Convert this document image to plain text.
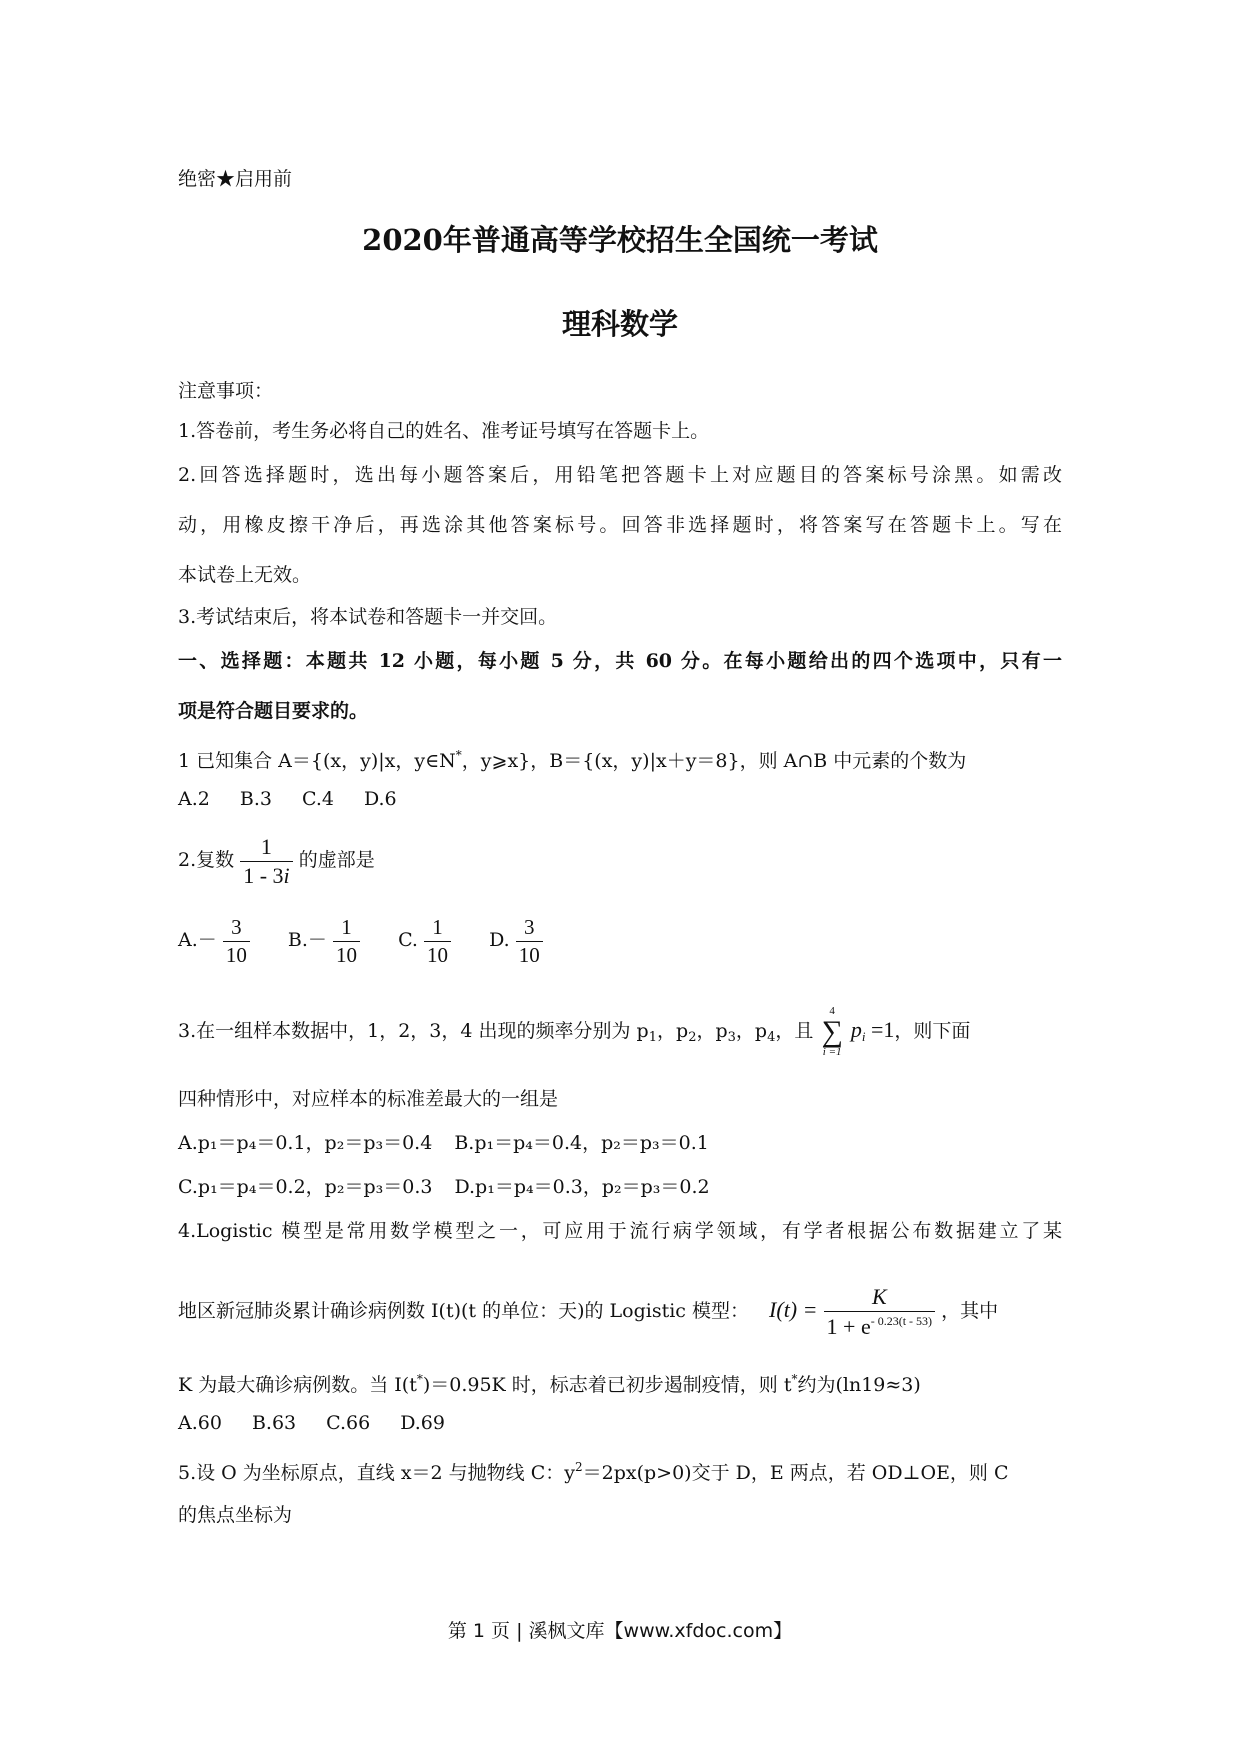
绝密★启用前
2020年普通高等学校招生全国统一考试
理科数学
注意事项：
1.答卷前，考生务必将自己的姓名、准考证号填写在答题卡上。
2.回答选择题时，选出每小题答案后，用铅笔把答题卡上对应题目的答案标号涂黑。如需改
动，用橡皮擦干净后，再选涂其他答案标号。回答非选择题时，将答案写在答题卡上。写在
本试卷上无效。
3.考试结束后，将本试卷和答题卡一并交回。
一、选择题：本题共 12 小题，每小题 5 分，共 60 分。在每小题给出的四个选项中，只有一
项是符合题目要求的。
1 已知集合 A＝{(x，y)|x，y∈N*，y⩾x}，B＝{(x，y)|x＋y＝8}，则 A∩B 中元素的个数为
A.2 B.3 C.4 D.6
2.复数 $\frac{1}{1 - 3i}$ 的虚部是
$A.- \frac{3}{10} B.- \frac{1}{10} C$. $\frac{1}{10} D$. $\frac{3}{10}$
3.在一组样本数据中，1，2，3，4 出现的频率分别为 $p_1$，$p_2$，$p_3$，$p_4$，且
4
∑
i =1
$p_i =1$，则下面
四种情形中，对应样本的标准差最大的一组是
A.p₁＝p₄＝0.1，p₂＝p₃＝0.4 B.p₁＝p₄＝0.4，p₂＝p₃＝0.1
C.p₁＝p₄＝0.2，p₂＝p₃＝0.3 D.p₁＝p₄＝0.3，p₂＝p₃＝0.2
4.Logistic 模型是常用数学模型之一，可应用于流行病学领域，有学者根据公布数据建立了某
地区新冠肺炎累计确诊病例数 I(t)(t 的单位：天)的 Logistic 模型： $I(t) = \frac{K}{1 + e^{- 0.23(t - 53)}}$ ，其中
K 为最大确诊病例数。当 I(t*)＝0.95K 时，标志着已初步遏制疫情，则 t*约为(ln19≈3)
A.60 B.63 C.66 D.69
5.设 O 为坐标原点，直线 x＝2 与抛物线 C：$y^2=2px(p>0)$交于 D，E 两点，若 OD⊥OE，则 C
的焦点坐标为
第 1 页 | 溪枫文库【www.xfdoc.com】
